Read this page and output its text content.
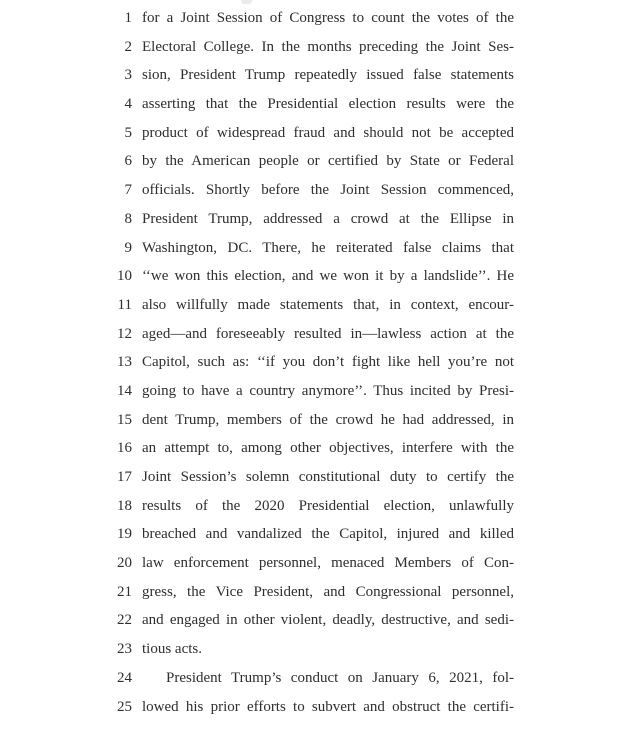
1 for a Joint Session of Congress to count the votes of the
2 Electoral College. In the months preceding the Joint Ses-
3 sion, President Trump repeatedly issued false statements
4 asserting that the Presidential election results were the
5 product of widespread fraud and should not be accepted
6 by the American people or certified by State or Federal
7 officials. Shortly before the Joint Session commenced,
8 President Trump, addressed a crowd at the Ellipse in
9 Washington, DC. There, he reiterated false claims that
10 ‘‘we won this election, and we won it by a landslide’’. He
11 also willfully made statements that, in context, encour-
12 aged—and foreseeably resulted in—lawless action at the
13 Capitol, such as: ‘‘if you don’t fight like hell you’re not
14 going to have a country anymore’’. Thus incited by Presi-
15 dent Trump, members of the crowd he had addressed, in
16 an attempt to, among other objectives, interfere with the
17 Joint Session’s solemn constitutional duty to certify the
18 results of the 2020 Presidential election, unlawfully
19 breached and vandalized the Capitol, injured and killed
20 law enforcement personnel, menaced Members of Con-
21 gress, the Vice President, and Congressional personnel,
22 and engaged in other violent, deadly, destructive, and sedi-
23 tious acts.
24	President Trump’s conduct on January 6, 2021, fol-
25 lowed his prior efforts to subvert and obstruct the certifi-
